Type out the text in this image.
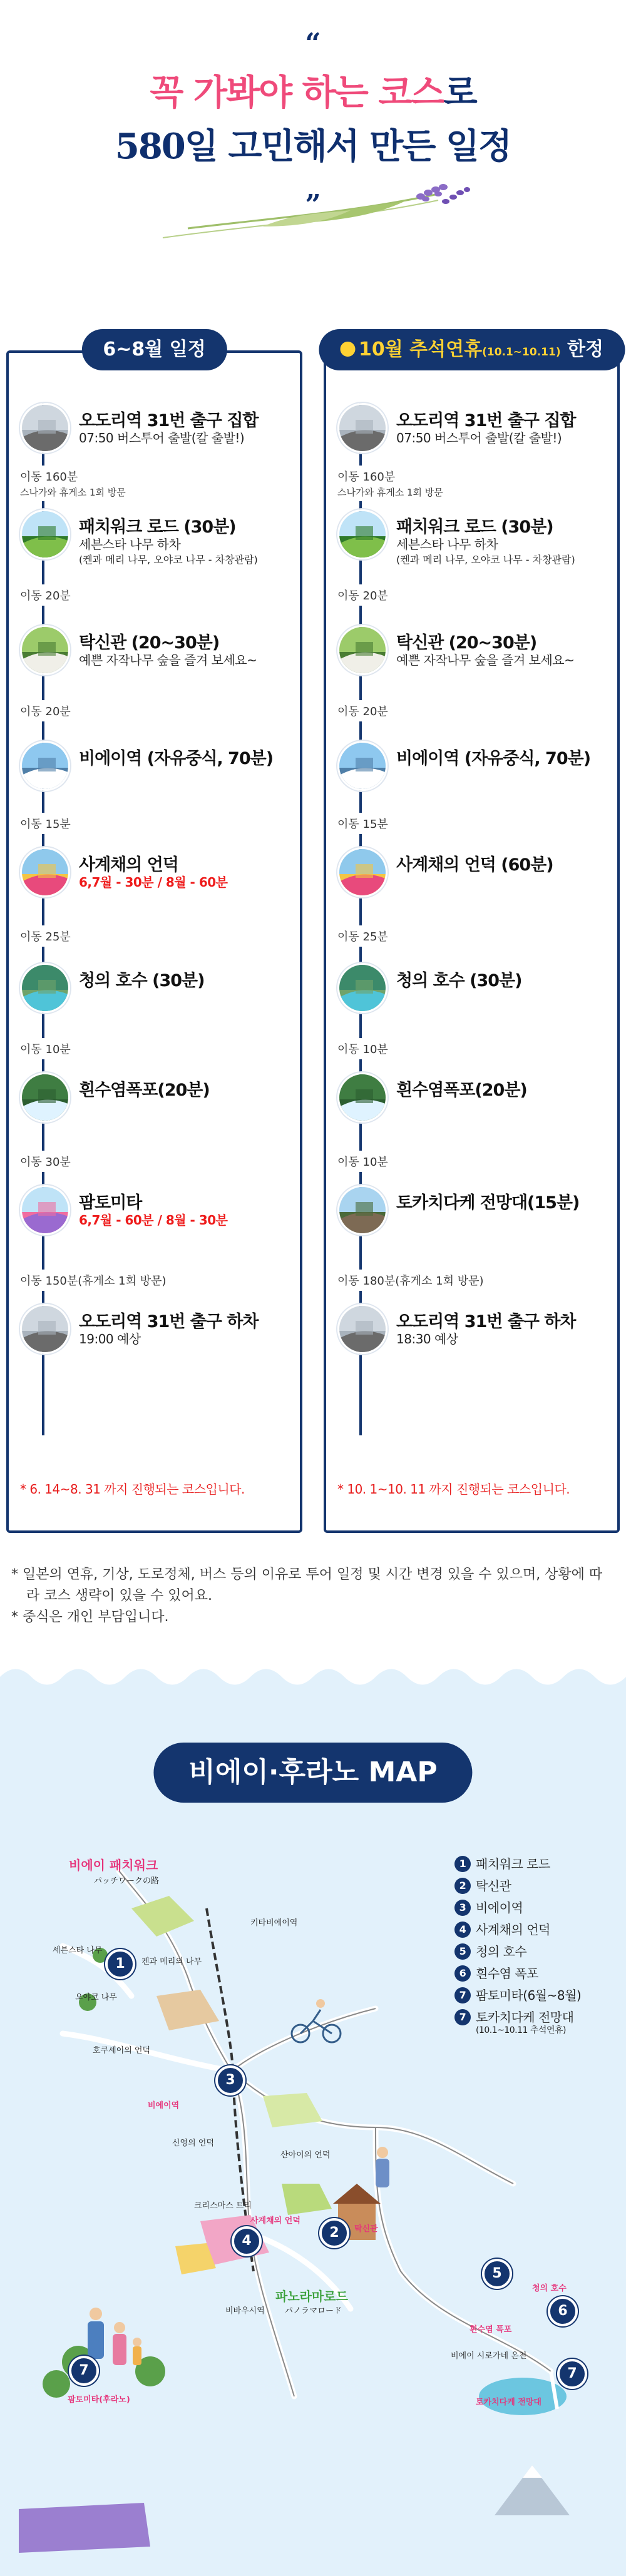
“
꼭 가봐야 하는 코스로
580일 고민해서 만든 일정
”
6~8월 일정
오도리역 31번 출구 집합
07:50 버스투어 출발(칼 출발!)
패치워크 로드 (30분)
세븐스타 나무 하차
(켄과 메리 나무, 오야코 나무 - 차창관람)
탁신관 (20~30분)
예쁜 자작나무 숲을 즐겨 보세요~
비에이역 (자유중식, 70분)
사계채의 언덕
6,7월 - 30분 / 8월 - 60분
청의 호수 (30분)
흰수염폭포(20분)
팜토미타
6,7월 - 60분 / 8월 - 30분
오도리역 31번 출구 하차
19:00 예상
이동 160분
스나가와 휴게소 1회 방문
이동 20분
이동 20분
이동 15분
이동 25분
이동 10분
이동 30분
이동 150분(휴게소 1회 방문)
* 6. 14~8. 31 까지 진행되는 코스입니다.
10월 추석연휴(10.1~10.11) 한정
오도리역 31번 출구 집합
07:50 버스투어 출발(칼 출발!)
패치워크 로드 (30분)
세븐스타 나무 하차
(켄과 메리 나무, 오야코 나무 - 차창관람)
탁신관 (20~30분)
예쁜 자작나무 숲을 즐겨 보세요~
비에이역 (자유중식, 70분)
사계채의 언덕 (60분)
청의 호수 (30분)
흰수염폭포(20분)
토카치다케 전망대(15분)
오도리역 31번 출구 하차
18:30 예상
이동 160분
스나가와 휴게소 1회 방문
이동 20분
이동 20분
이동 15분
이동 25분
이동 10분
이동 10분
이동 180분(휴게소 1회 방문)
* 10. 1~10. 11 까지 진행되는 코스입니다.

* 일본의 연휴, 기상, 도로정체, 버스 등의 이유로 투어 일정 및 시간 변경 있을 수 있으며, 상황에 따라 코스 생략이 있을 수 있어요.

* 중식은 개인 부담입니다.

비에이·후라노 MAP
1
3
4
2
5
6
7
7
비에이 패치워크
パッチワークの路
세븐스타 나무
켄과 메리의 나무
오야코 나무
호쿠세이의 언덕
키타비에이역
비에이역
신영의 언덕
크리스마스 트리
사계채의 언덕
탁신관
산아이의 언덕
파노라마로드
パノラマロード
비바우시역
청의 호수
흰수염 폭포
비에이 시로가네 온천
토카치다케 전망대
팜토미타(후라노)
1 패치워크 로드
2 탁신관
3 비에이역
4 사계채의 언덕
5 청의 호수
6 흰수염 폭포
7 팜토미타(6월~8월)
7 토카치다케 전망대
(10.1~10.11 추석연휴)
